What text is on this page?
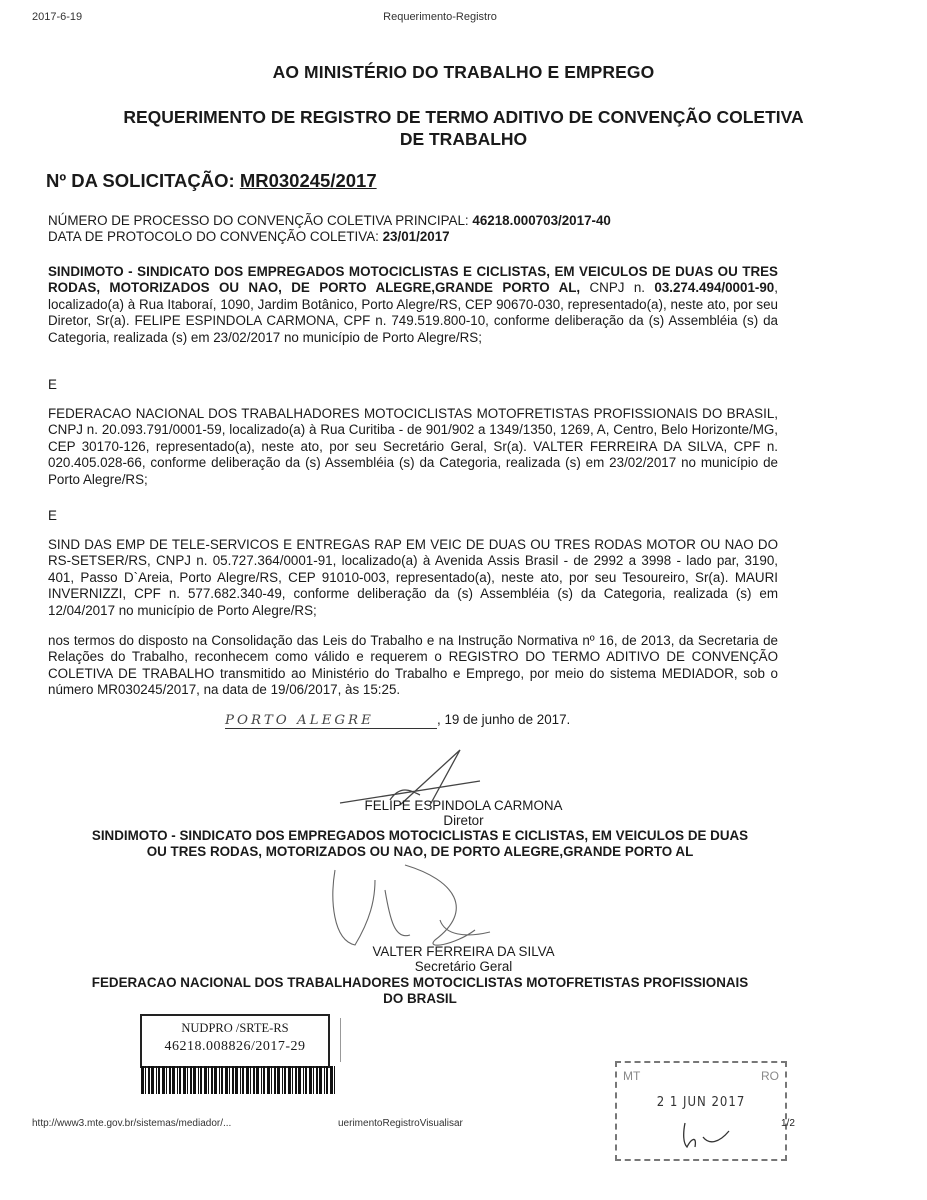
2017-6-19	Requerimento-Registro
AO MINISTÉRIO DO TRABALHO E EMPREGO
REQUERIMENTO DE REGISTRO DE TERMO ADITIVO DE CONVENÇÃO COLETIVA
DE TRABALHO
Nº DA SOLICITAÇÃO: MR030245/2017
NÚMERO DE PROCESSO DO CONVENÇÃO COLETIVA PRINCIPAL: 46218.000703/2017-40
DATA DE PROTOCOLO DO CONVENÇÃO COLETIVA: 23/01/2017
SINDIMOTO - SINDICATO DOS EMPREGADOS MOTOCICLISTAS E CICLISTAS, EM VEICULOS DE DUAS OU TRES RODAS, MOTORIZADOS OU NAO, DE PORTO ALEGRE,GRANDE PORTO AL, CNPJ n. 03.274.494/0001-90, localizado(a) à Rua Itaboraí, 1090, Jardim Botânico, Porto Alegre/RS, CEP 90670-030, representado(a), neste ato, por seu Diretor, Sr(a). FELIPE ESPINDOLA CARMONA, CPF n. 749.519.800-10, conforme deliberação da (s) Assembléia (s) da Categoria, realizada (s) em 23/02/2017 no município de Porto Alegre/RS;
E
FEDERACAO NACIONAL DOS TRABALHADORES MOTOCICLISTAS MOTOFRETISTAS PROFISSIONAIS DO BRASIL, CNPJ n. 20.093.791/0001-59, localizado(a) à Rua Curitiba - de 901/902 a 1349/1350, 1269, A, Centro, Belo Horizonte/MG, CEP 30170-126, representado(a), neste ato, por seu Secretário Geral, Sr(a). VALTER FERREIRA DA SILVA, CPF n. 020.405.028-66, conforme deliberação da (s) Assembléia (s) da Categoria, realizada (s) em 23/02/2017 no município de Porto Alegre/RS;
E
SIND DAS EMP DE TELE-SERVICOS E ENTREGAS RAP EM VEIC DE DUAS OU TRES RODAS MOTOR OU NAO DO RS-SETSER/RS, CNPJ n. 05.727.364/0001-91, localizado(a) à Avenida Assis Brasil - de 2992 a 3998 - lado par, 3190, 401, Passo D`Areia, Porto Alegre/RS, CEP 91010-003, representado(a), neste ato, por seu Tesoureiro, Sr(a). MAURI INVERNIZZI, CPF n. 577.682.340-49, conforme deliberação da (s) Assembléia (s) da Categoria, realizada (s) em 12/04/2017 no município de Porto Alegre/RS;
nos termos do disposto na Consolidação das Leis do Trabalho e na Instrução Normativa nº 16, de 2013, da Secretaria de Relações do Trabalho, reconhecem como válido e requerem o REGISTRO DO TERMO ADITIVO DE CONVENÇÃO COLETIVA DE TRABALHO transmitido ao Ministério do Trabalho e Emprego, por meio do sistema MEDIADOR, sob o número MR030245/2017, na data de 19/06/2017, às 15:25.
PORTO ALEGRE	, 19 de junho de 2017.
FELIPE ESPINDOLA CARMONA
Diretor
SINDIMOTO - SINDICATO DOS EMPREGADOS MOTOCICLISTAS E CICLISTAS, EM VEICULOS DE DUAS
OU TRES RODAS, MOTORIZADOS OU NAO, DE PORTO ALEGRE,GRANDE PORTO AL
VALTER FERREIRA DA SILVA
Secretário Geral
FEDERACAO NACIONAL DOS TRABALHADORES MOTOCICLISTAS MOTOFRETISTAS PROFISSIONAIS
DO BRASIL
NUDPRO /SRTE-RS
46218.008826/2017-29
MT	RO
2 1 JUN 2017
http://www3.mte.gov.br/sistemas/mediador/...	uerimentoRegistroVisualisar	1/2
